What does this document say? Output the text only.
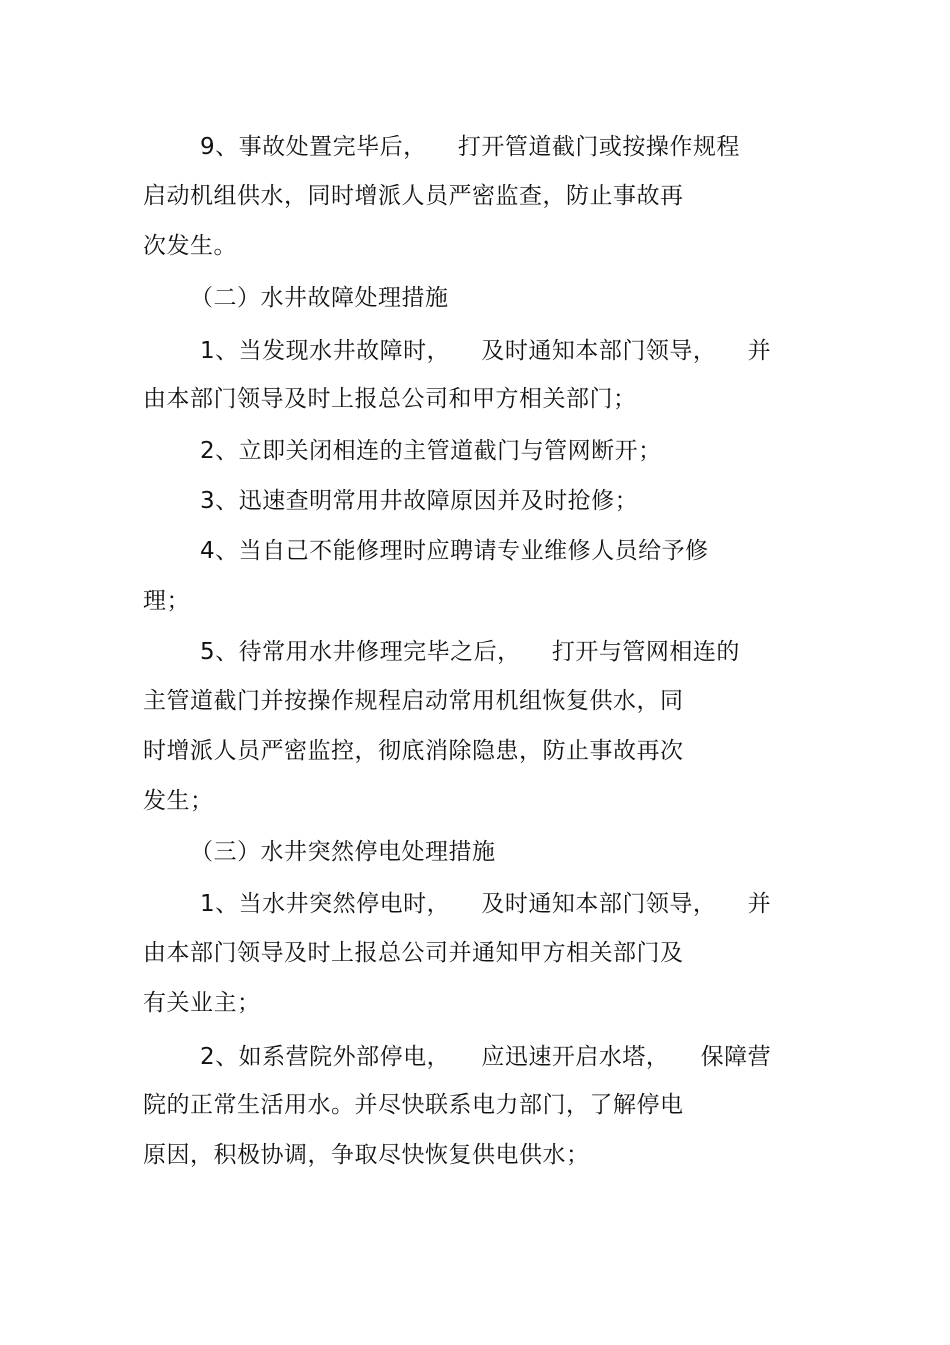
9、事故处置完毕后，    打开管道截门或按操作规程
启动机组供水，同时增派人员严密监查，防止事故再
次发生。
（二）水井故障处理措施
1、当发现水井故障时，    及时通知本部门领导，    并
由本部门领导及时上报总公司和甲方相关部门；
2、立即关闭相连的主管道截门与管网断开；
3、迅速查明常用井故障原因并及时抢修；
4、当自己不能修理时应聘请专业维修人员给予修
理；
5、待常用水井修理完毕之后，    打开与管网相连的
主管道截门并按操作规程启动常用机组恢复供水，同
时增派人员严密监控，彻底消除隐患，防止事故再次
发生；
（三）水井突然停电处理措施
1、当水井突然停电时，    及时通知本部门领导，    并
由本部门领导及时上报总公司并通知甲方相关部门及
有关业主；
2、如系营院外部停电，    应迅速开启水塔，    保障营
院的正常生活用水。并尽快联系电力部门，了解停电
原因，积极协调，争取尽快恢复供电供水；
